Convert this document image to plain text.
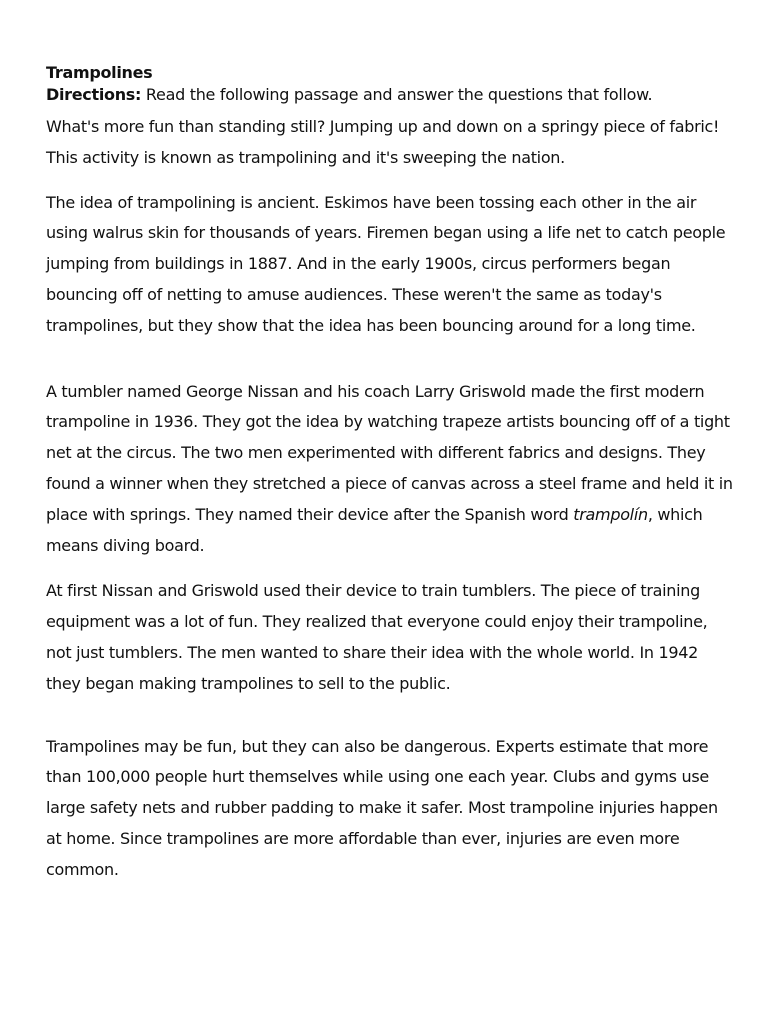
Trampolines

Directions: Read the following passage and answer the questions that follow.

What's more fun than standing still? Jumping up and down on a springy piece of fabric! This activity is known as trampolining and it's sweeping the nation.

The idea of trampolining is ancient. Eskimos have been tossing each other in the air using walrus skin for thousands of years. Firemen began using a life net to catch people jumping from buildings in 1887. And in the early 1900s, circus performers began bouncing off of netting to amuse audiences. These weren't the same as today's trampolines, but they show that the idea has been bouncing around for a long time.

A tumbler named George Nissan and his coach Larry Griswold made the first modern trampoline in 1936. They got the idea by watching trapeze artists bouncing off of a tight net at the circus. The two men experimented with different fabrics and designs. They found a winner when they stretched a piece of canvas across a steel frame and held it in place with springs. They named their device after the Spanish word trampolín, which means diving board.

At first Nissan and Griswold used their device to train tumblers. The piece of training equipment was a lot of fun. They realized that everyone could enjoy their trampoline, not just tumblers. The men wanted to share their idea with the whole world. In 1942 they began making trampolines to sell to the public.

Trampolines may be fun, but they can also be dangerous. Experts estimate that more than 100,000 people hurt themselves while using one each year. Clubs and gyms use large safety nets and rubber padding to make it safer. Most trampoline injuries happen at home. Since trampolines are more affordable than ever, injuries are even more common.
